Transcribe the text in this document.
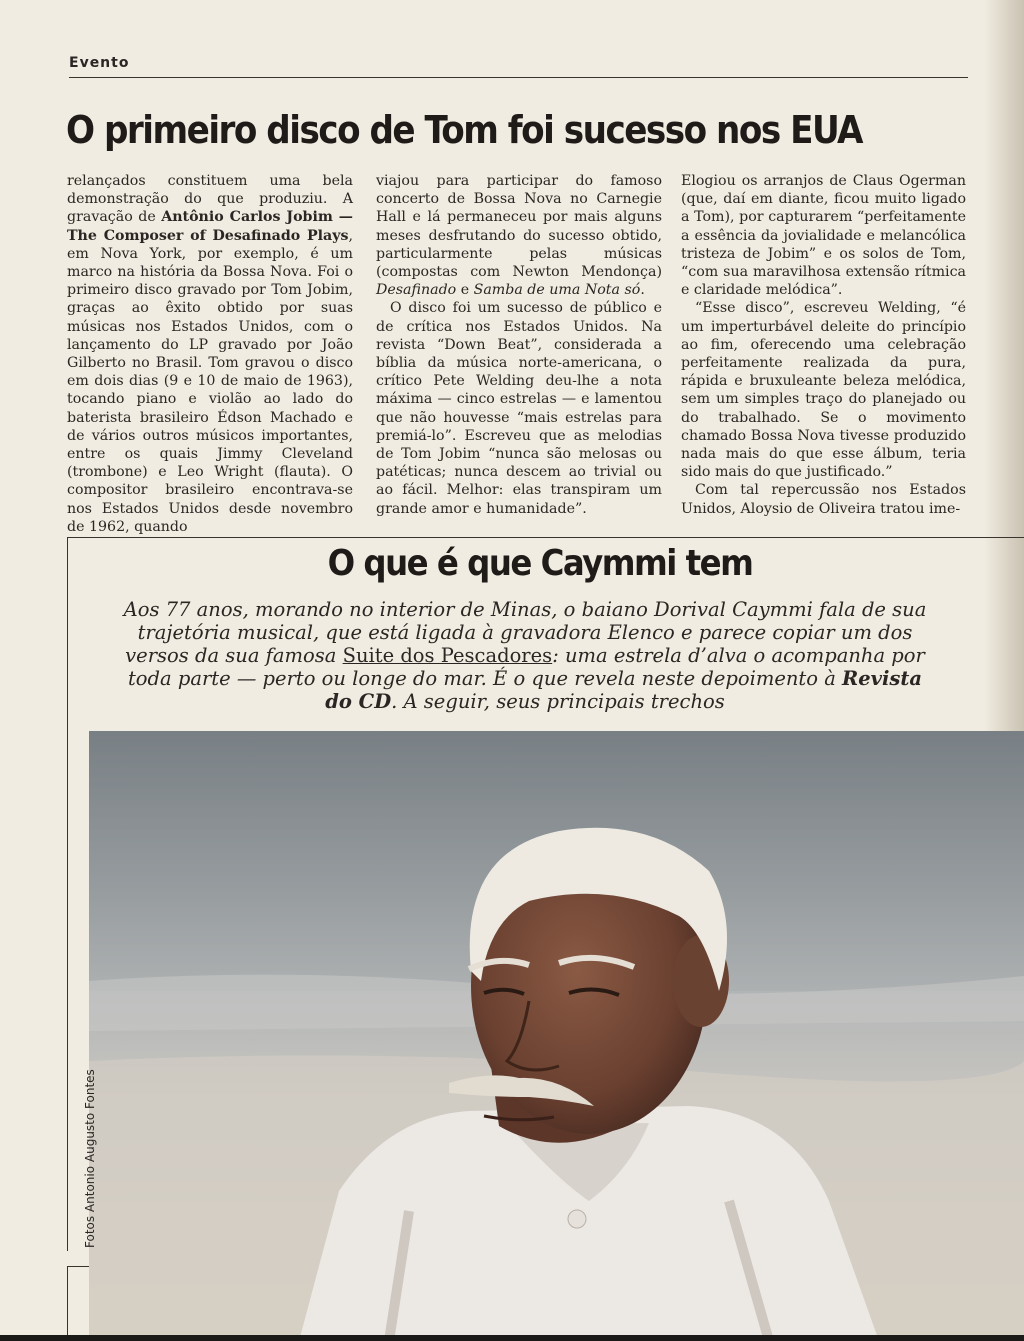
Evento
O primeiro disco de Tom foi sucesso nos EUA

relançados constituem uma bela demonstração do que produziu. A gravação de Antônio Carlos Jobim — The Composer of Desafinado Plays, em Nova York, por exemplo, é um marco na história da Bossa Nova. Foi o primeiro disco gravado por Tom Jobim, graças ao êxito obtido por suas músicas nos Estados Unidos, com o lançamento do LP gravado por João Gilberto no Brasil. Tom gravou o disco em dois dias (9 e 10 de maio de 1963), tocando piano e violão ao lado do baterista brasileiro Édson Machado e de vários outros músicos importantes, entre os quais Jimmy Cleveland (trombone) e Leo Wright (flauta). O compositor brasileiro encontrava-se nos Estados Unidos desde novembro de 1962, quando

viajou para participar do famoso concerto de Bossa Nova no Carnegie Hall e lá permaneceu por mais alguns meses desfrutando do sucesso obtido, particularmente pelas músicas (compostas com Newton Mendonça) Desafinado e Samba de uma Nota só.

O disco foi um sucesso de público e de crítica nos Estados Unidos. Na revista “Down Beat”, considerada a bíblia da música norte-americana, o crítico Pete Welding deu-lhe a nota máxima — cinco estrelas — e lamentou que não houvesse “mais estrelas para premiá-lo”. Escreveu que as melodias de Tom Jobim “nunca são melosas ou patéticas; nunca descem ao trivial ou ao fácil. Melhor: elas transpiram um grande amor e humanidade”.

Elogiou os arranjos de Claus Ogerman (que, daí em diante, ficou muito ligado a Tom), por capturarem “perfeitamente a essência da jovialidade e melancólica tristeza de Jobim” e os solos de Tom, “com sua maravilhosa extensão rítmica e claridade melódica”.

“Esse disco”, escreveu Welding, “é um imperturbável deleite do princípio ao fim, oferecendo uma celebração perfeitamente realizada da pura, rápida e bruxuleante beleza melódica, sem um simples traço do planejado ou do trabalhado. Se o movimento chamado Bossa Nova tivesse produzido nada mais do que esse álbum, teria sido mais do que justificado.”

Com tal repercussão nos Estados Unidos, Aloysio de Oliveira tratou ime-

O que é que Caymmi tem

Aos 77 anos, morando no interior de Minas, o baiano Dorival Caymmi fala de sua trajetória musical, que está ligada à gravadora Elenco e parece copiar um dos versos da sua famosa Suite dos Pescadores: uma estrela d’alva o acompanha por toda parte — perto ou longe do mar. É o que revela neste depoimento à Revista do CD. A seguir, seus principais trechos

Fotos Antonio Augusto Fontes
